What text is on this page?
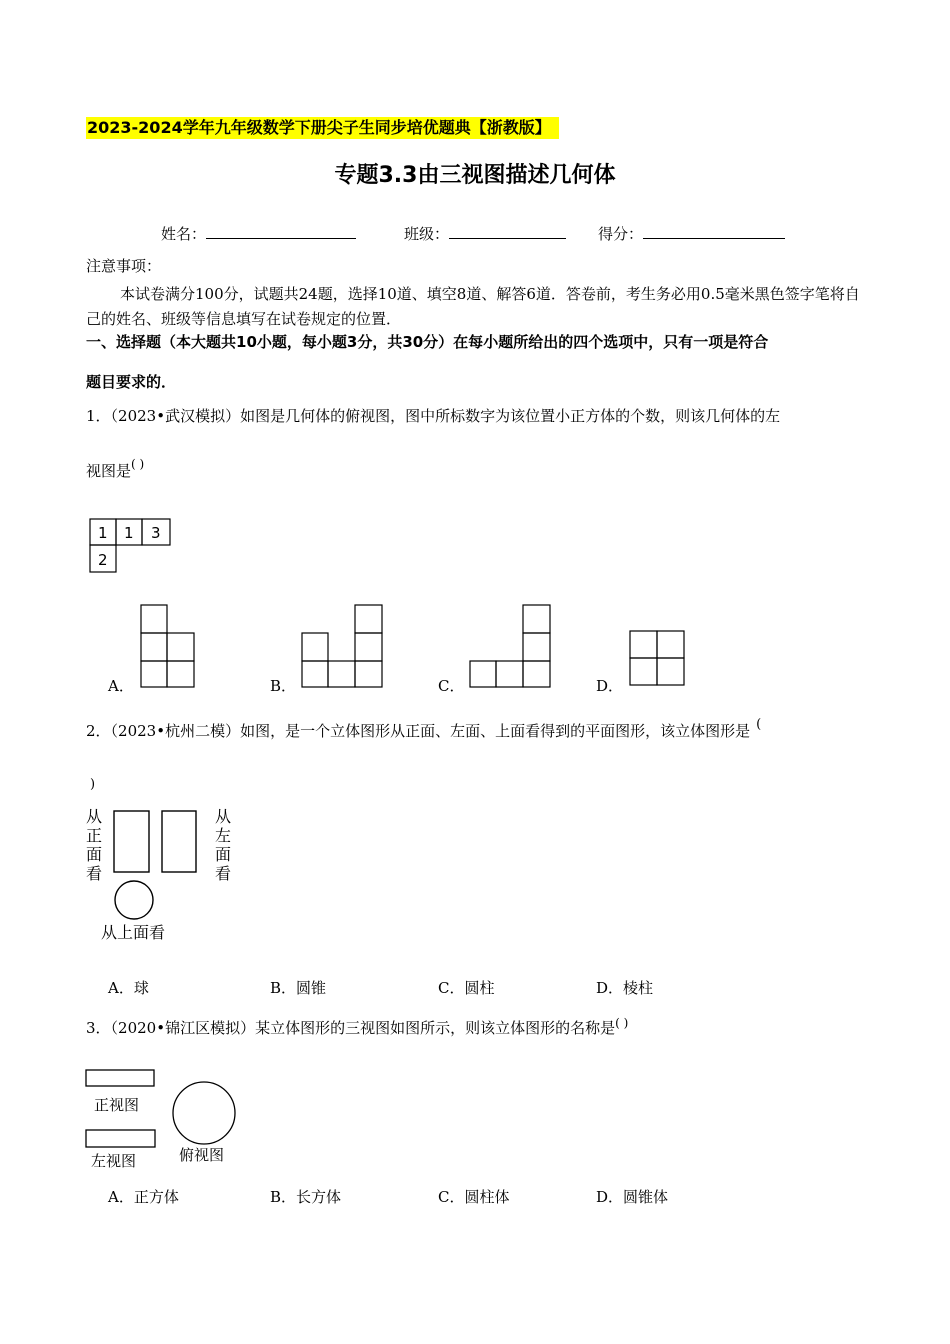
2023-2024学年九年级数学下册尖子生同步培优题典【浙教版】
专题3.3由三视图描述几何体
姓名：	班级：	得分：
注意事项：
本试卷满分100分，试题共24题，选择10道、填空8道、解答6道．答卷前，考生务必用0.5毫米黑色签字笔将自己的姓名、班级等信息填写在试卷规定的位置．
一、选择题（本大题共10小题，每小题3分，共30分）在每小题所给出的四个选项中，只有一项是符合
题目要求的．
1．（2023•武汉模拟）如图是几何体的俯视图，图中所标数字为该位置小正方体的个数，则该几何体的左
视图是( )
1 1 3
2
A．	B．	C．	D．
2．（2023•杭州二模）如图，是一个立体图形从正面、左面、上面看得到的平面图形，该立体图形是 (
)
从
正
面
看
从
左
面
看
从上面看
A．球	B．圆锥	C．圆柱	D．棱柱
3．（2020•锦江区模拟）某立体图形的三视图如图所示，则该立体图形的名称是( )
正视图
左视图	俯视图
A．正方体	B．长方体	C．圆柱体	D．圆锥体
